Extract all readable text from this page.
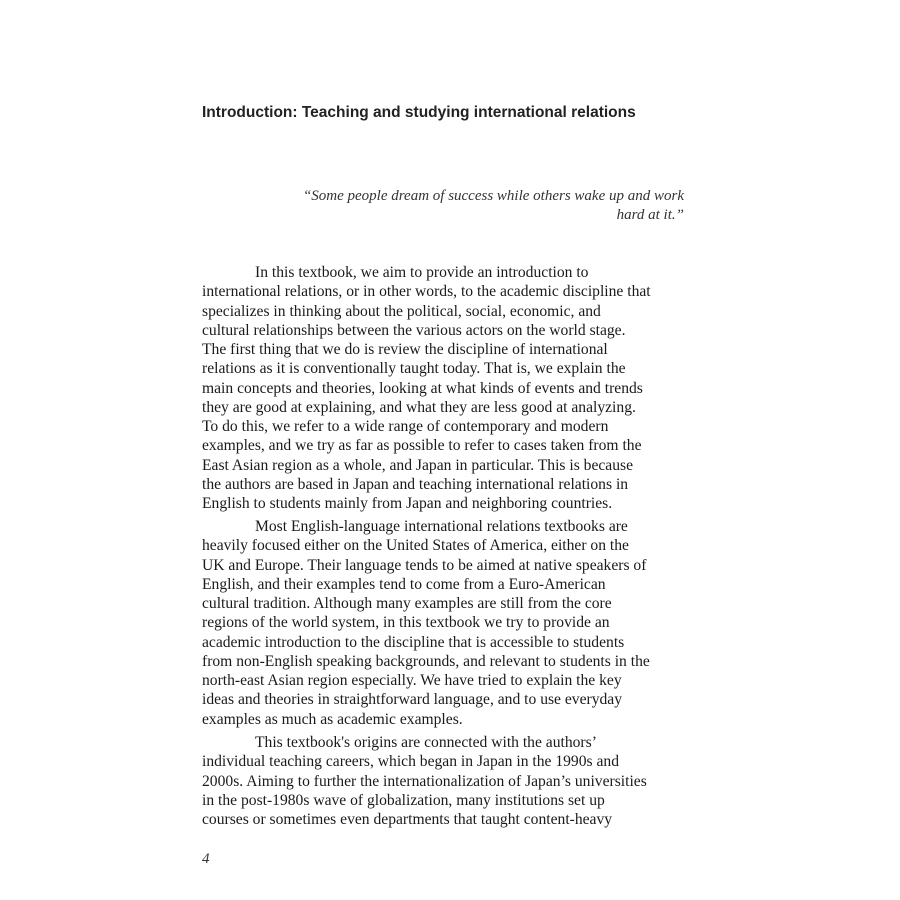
Introduction: Teaching and studying international relations
“Some people dream of success while others wake up and work
hard at it.”
In this textbook, we aim to provide an introduction to
international relations, or in other words, to the academic discipline that
specializes in thinking about the political, social, economic, and
cultural relationships between the various actors on the world stage.
The first thing that we do is review the discipline of international
relations as it is conventionally taught today. That is, we explain the
main concepts and theories, looking at what kinds of events and trends
they are good at explaining, and what they are less good at analyzing.
To do this, we refer to a wide range of contemporary and modern
examples, and we try as far as possible to refer to cases taken from the
East Asian region as a whole, and Japan in particular. This is because
the authors are based in Japan and teaching international relations in
English to students mainly from Japan and neighboring countries.
Most English-language international relations textbooks are
heavily focused either on the United States of America, either on the
UK and Europe. Their language tends to be aimed at native speakers of
English, and their examples tend to come from a Euro-American
cultural tradition. Although many examples are still from the core
regions of the world system, in this textbook we try to provide an
academic introduction to the discipline that is accessible to students
from non-English speaking backgrounds, and relevant to students in the
north-east Asian region especially. We have tried to explain the key
ideas and theories in straightforward language, and to use everyday
examples as much as academic examples.
This textbook's origins are connected with the authors’
individual teaching careers, which began in Japan in the 1990s and
2000s. Aiming to further the internationalization of Japan’s universities
in the post-1980s wave of globalization, many institutions set up
courses or sometimes even departments that taught content-heavy
4
